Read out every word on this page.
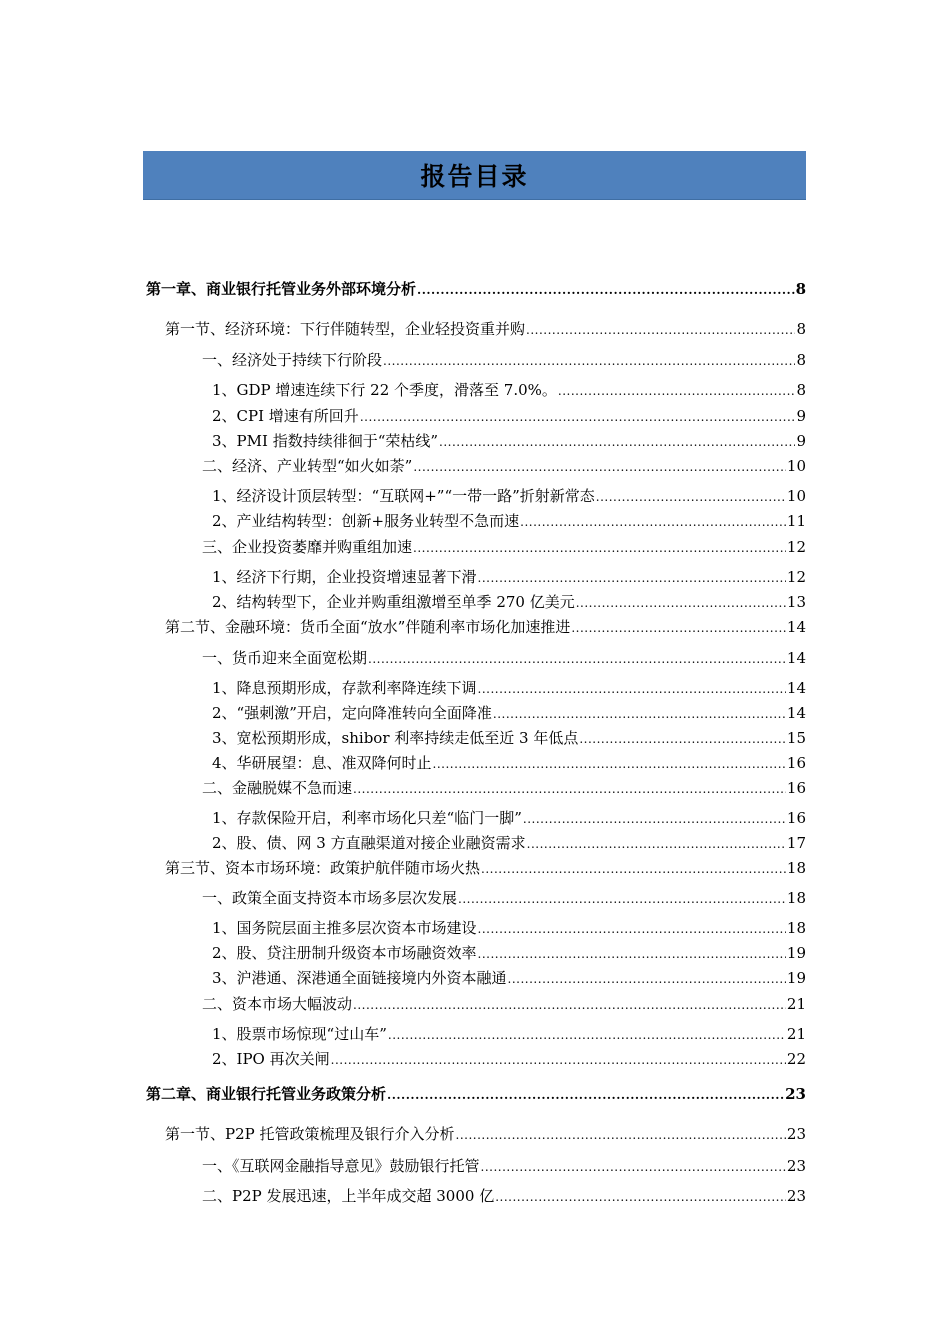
报告目录
第一章、商业银行托管业务外部环境分析 .....	8
第一节、经济环境：下行伴随转型，企业轻投资重并购 .....	8
一、经济处于持续下行阶段 .....	8
1、GDP 增速连续下行 22 个季度，滑落至 7.0%。 .....	8
2、CPI 增速有所回升 .....	9
3、PMI 指数持续徘徊于“荣枯线” .....	9
二、经济、产业转型“如火如荼” .....	10
1、经济设计顶层转型：“互联网+”“一带一路”折射新常态 .....	10
2、产业结构转型：创新+服务业转型不急而速 .....	11
三、企业投资萎靡并购重组加速 .....	12
1、经济下行期，企业投资增速显著下滑 .....	12
2、结构转型下，企业并购重组激增至单季 270 亿美元 .....	13
第二节、金融环境：货币全面“放水”伴随利率市场化加速推进 .....	14
一、货币迎来全面宽松期 .....	14
1、降息预期形成，存款利率降连续下调 .....	14
2、“强刺激”开启，定向降准转向全面降准 .....	14
3、宽松预期形成，shibor 利率持续走低至近 3 年低点 .....	15
4、华研展望：息、准双降何时止 .....	16
二、金融脱媒不急而速 .....	16
1、存款保险开启，利率市场化只差“临门一脚” .....	16
2、股、债、网 3 方直融渠道对接企业融资需求 .....	17
第三节、资本市场环境：政策护航伴随市场火热 .....	18
一、政策全面支持资本市场多层次发展 .....	18
1、国务院层面主推多层次资本市场建设 .....	18
2、股、贷注册制升级资本市场融资效率 .....	19
3、沪港通、深港通全面链接境内外资本融通 .....	19
二、资本市场大幅波动 .....	21
1、股票市场惊现“过山车” .....	21
2、IPO 再次关闸 .....	22
第二章、商业银行托管业务政策分析 .....	23
第一节、P2P 托管政策梳理及银行介入分析 .....	23
一、《互联网金融指导意见》鼓励银行托管 .....	23
二、P2P 发展迅速，上半年成交超 3000 亿 .....	23
